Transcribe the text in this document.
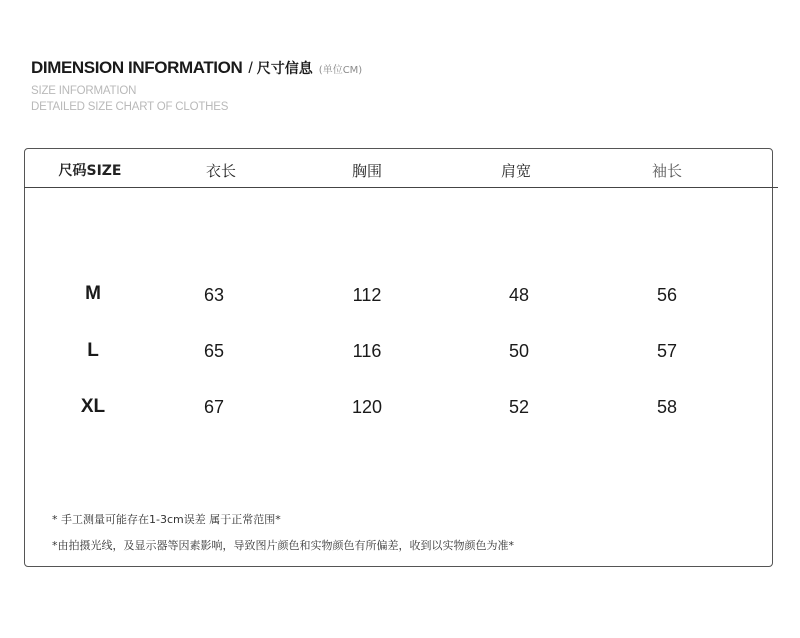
DIMENSION INFORMATION / 尺寸信息 (单位CM)
SIZE INFORMATION
DETAILED SIZE CHART OF CLOTHES
尺码SIZE	衣长	胸围	肩宽	袖长
M	63	112	48	56
L	65	116	50	57
XL	67	120	52	58
* 手工测量可能存在1-3cm误差 属于正常范围*
*由拍摄光线，及显示器等因素影响，导致图片颜色和实物颜色有所偏差，收到以实物颜色为准*
